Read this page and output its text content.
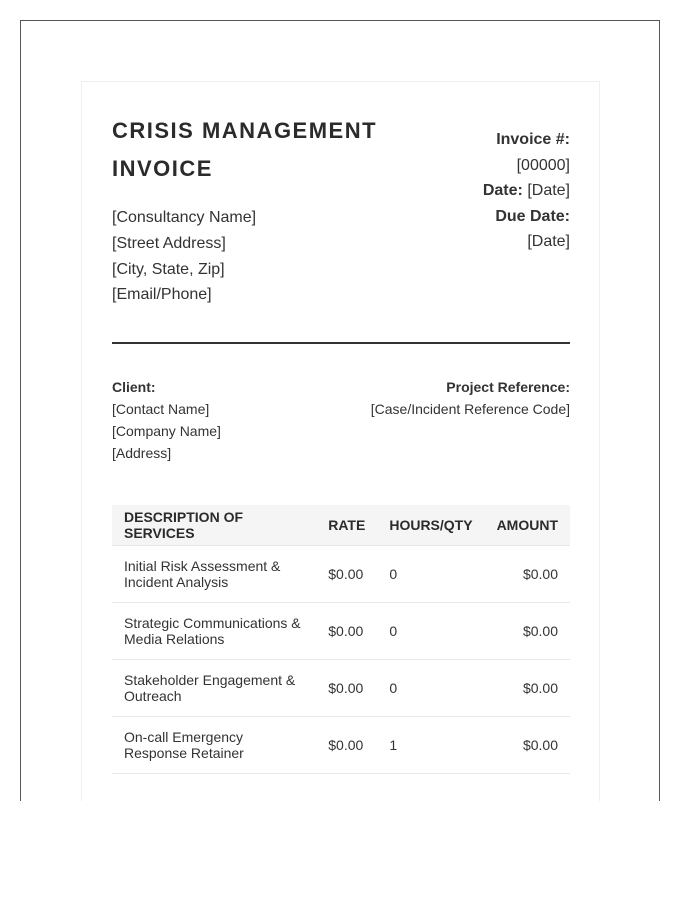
CRISIS MANAGEMENT INVOICE
[Consultancy Name]
[Street Address]
[City, State, Zip]
[Email/Phone]
Invoice #:
[00000]
Date: [Date]
Due Date:
[Date]
Client:
[Contact Name]
[Company Name]
[Address]
Project Reference:
[Case/Incident Reference Code]
DESCRIPTION OF SERVICES	RATE	HOURS/QTY	AMOUNT
Initial Risk Assessment & Incident Analysis	$0.00	0	$0.00
Strategic Communications & Media Relations	$0.00	0	$0.00
Stakeholder Engagement & Outreach	$0.00	0	$0.00
On-call Emergency Response Retainer	$0.00	1	$0.00
